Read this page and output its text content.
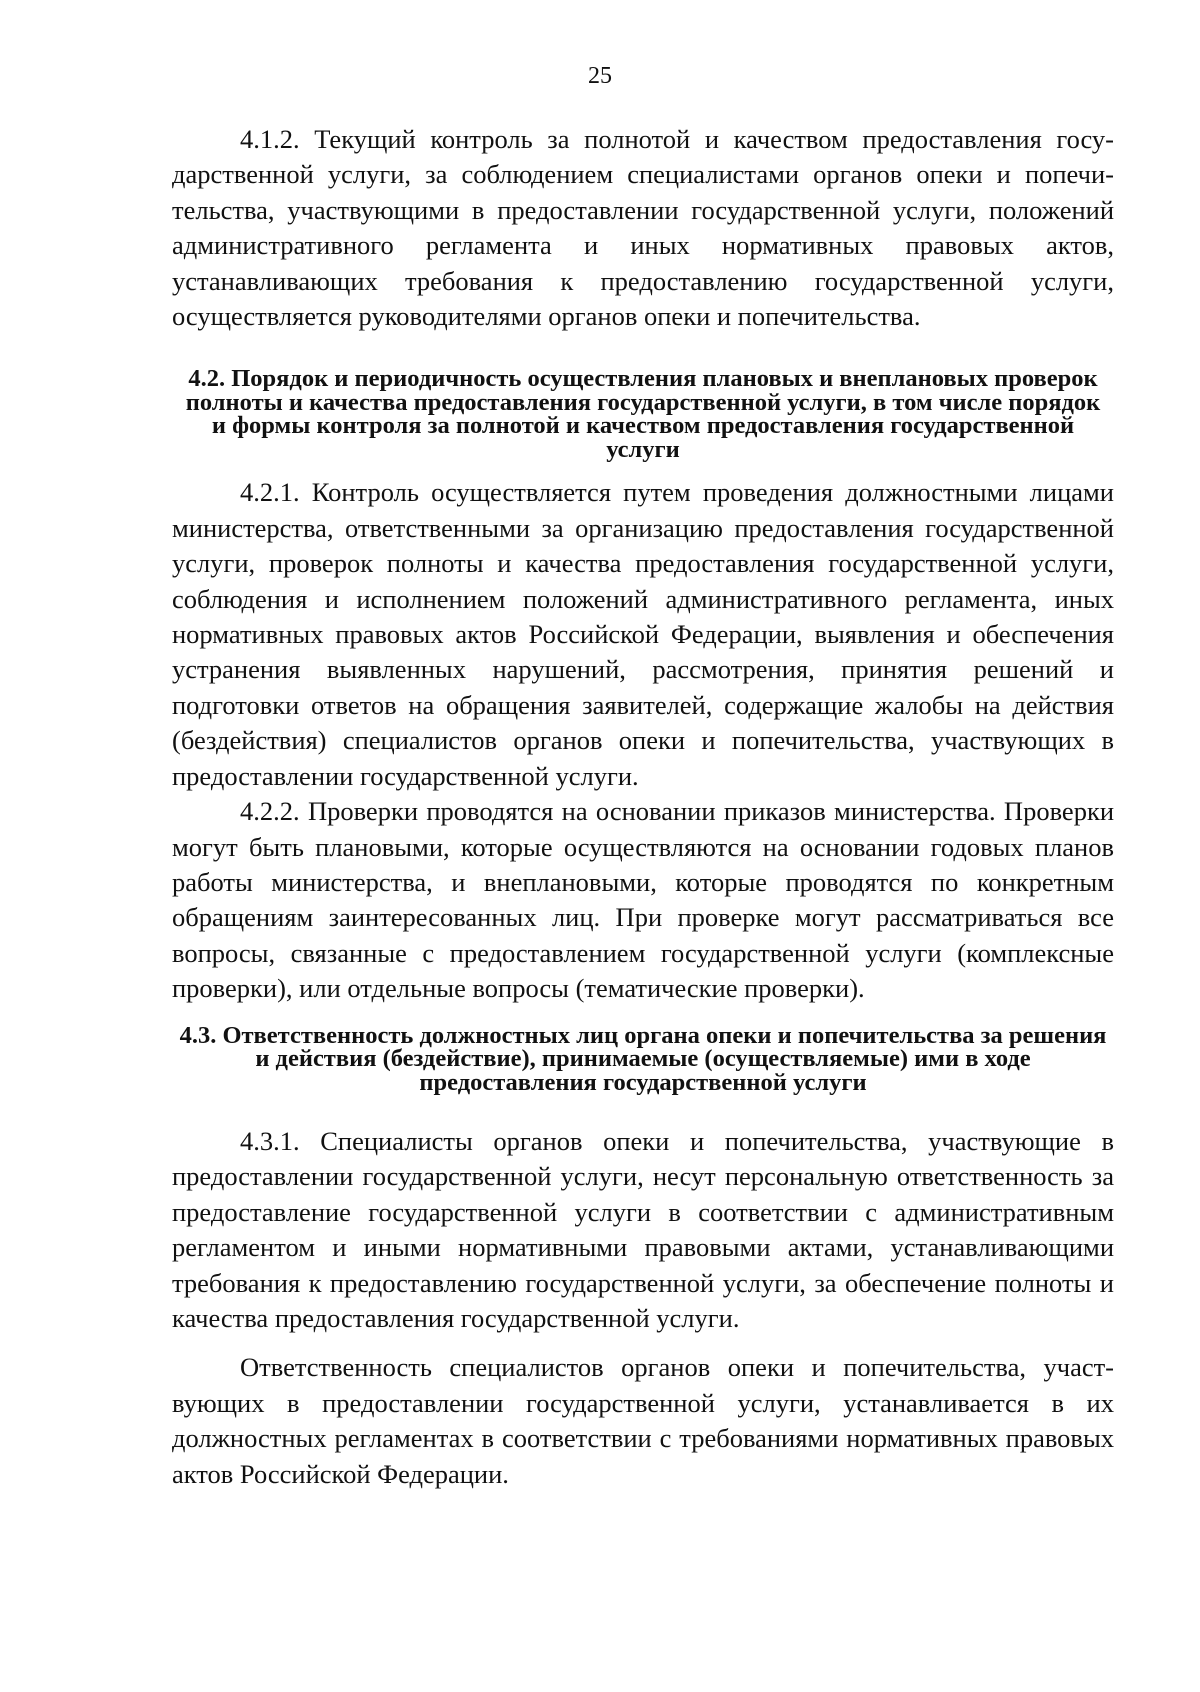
25

4.1.2. Текущий контроль за полнотой и качеством предоставления государственной услуги, за соблюдением специалистами органов опеки и попечительства, участвующими в предоставлении государственной услуги, положений административного регламента и иных нормативных правовых актов, устанавливающих требования к предоставлению государственной услуги, осуществляется руководителями органов опеки и попечительства.

4.2. Порядок и периодичность осуществления плановых и внеплановых проверок полноты и качества предоставления государственной услуги, в том числе порядок и формы контроля за полнотой и качеством предоставления государственной услуги

4.2.1. Контроль осуществляется путем проведения должностными лицами министерства, ответственными за организацию предоставления государственной услуги, проверок полноты и качества предоставления государственной услуги, соблюдения и исполнением положений административного регламента, иных нормативных правовых актов Российской Федерации, выявления и обеспечения устранения выявленных нарушений, рассмотрения, принятия решений и подготовки ответов на обращения заявителей, содержащие жалобы на действия (бездействия) специалистов органов опеки и попечительства, участвующих в предоставлении государственной услуги.

4.2.2. Проверки проводятся на основании приказов министерства. Проверки могут быть плановыми, которые осуществляются на основании годовых планов работы министерства, и внеплановыми, которые проводятся по конкретным обращениям заинтересованных лиц. При проверке могут рассматриваться все вопросы, связанные с предоставлением государственной услуги (комплексные проверки), или отдельные вопросы (тематические проверки).

4.3. Ответственность должностных лиц органа опеки и попечительства за решения и действия (бездействие), принимаемые (осуществляемые) ими в ходе предоставления государственной услуги

4.3.1. Специалисты органов опеки и попечительства, участвующие в предоставлении государственной услуги, несут персональную ответственность за предоставление государственной услуги в соответствии с административным регламентом и иными нормативными правовыми актами, устанавливающими требования к предоставлению государственной услуги, за обеспечение полноты и качества предоставления государственной услуги.

Ответственность специалистов органов опеки и попечительства, участвующих в предоставлении государственной услуги, устанавливается в их должностных регламентах в соответствии с требованиями нормативных правовых актов Российской Федерации.
